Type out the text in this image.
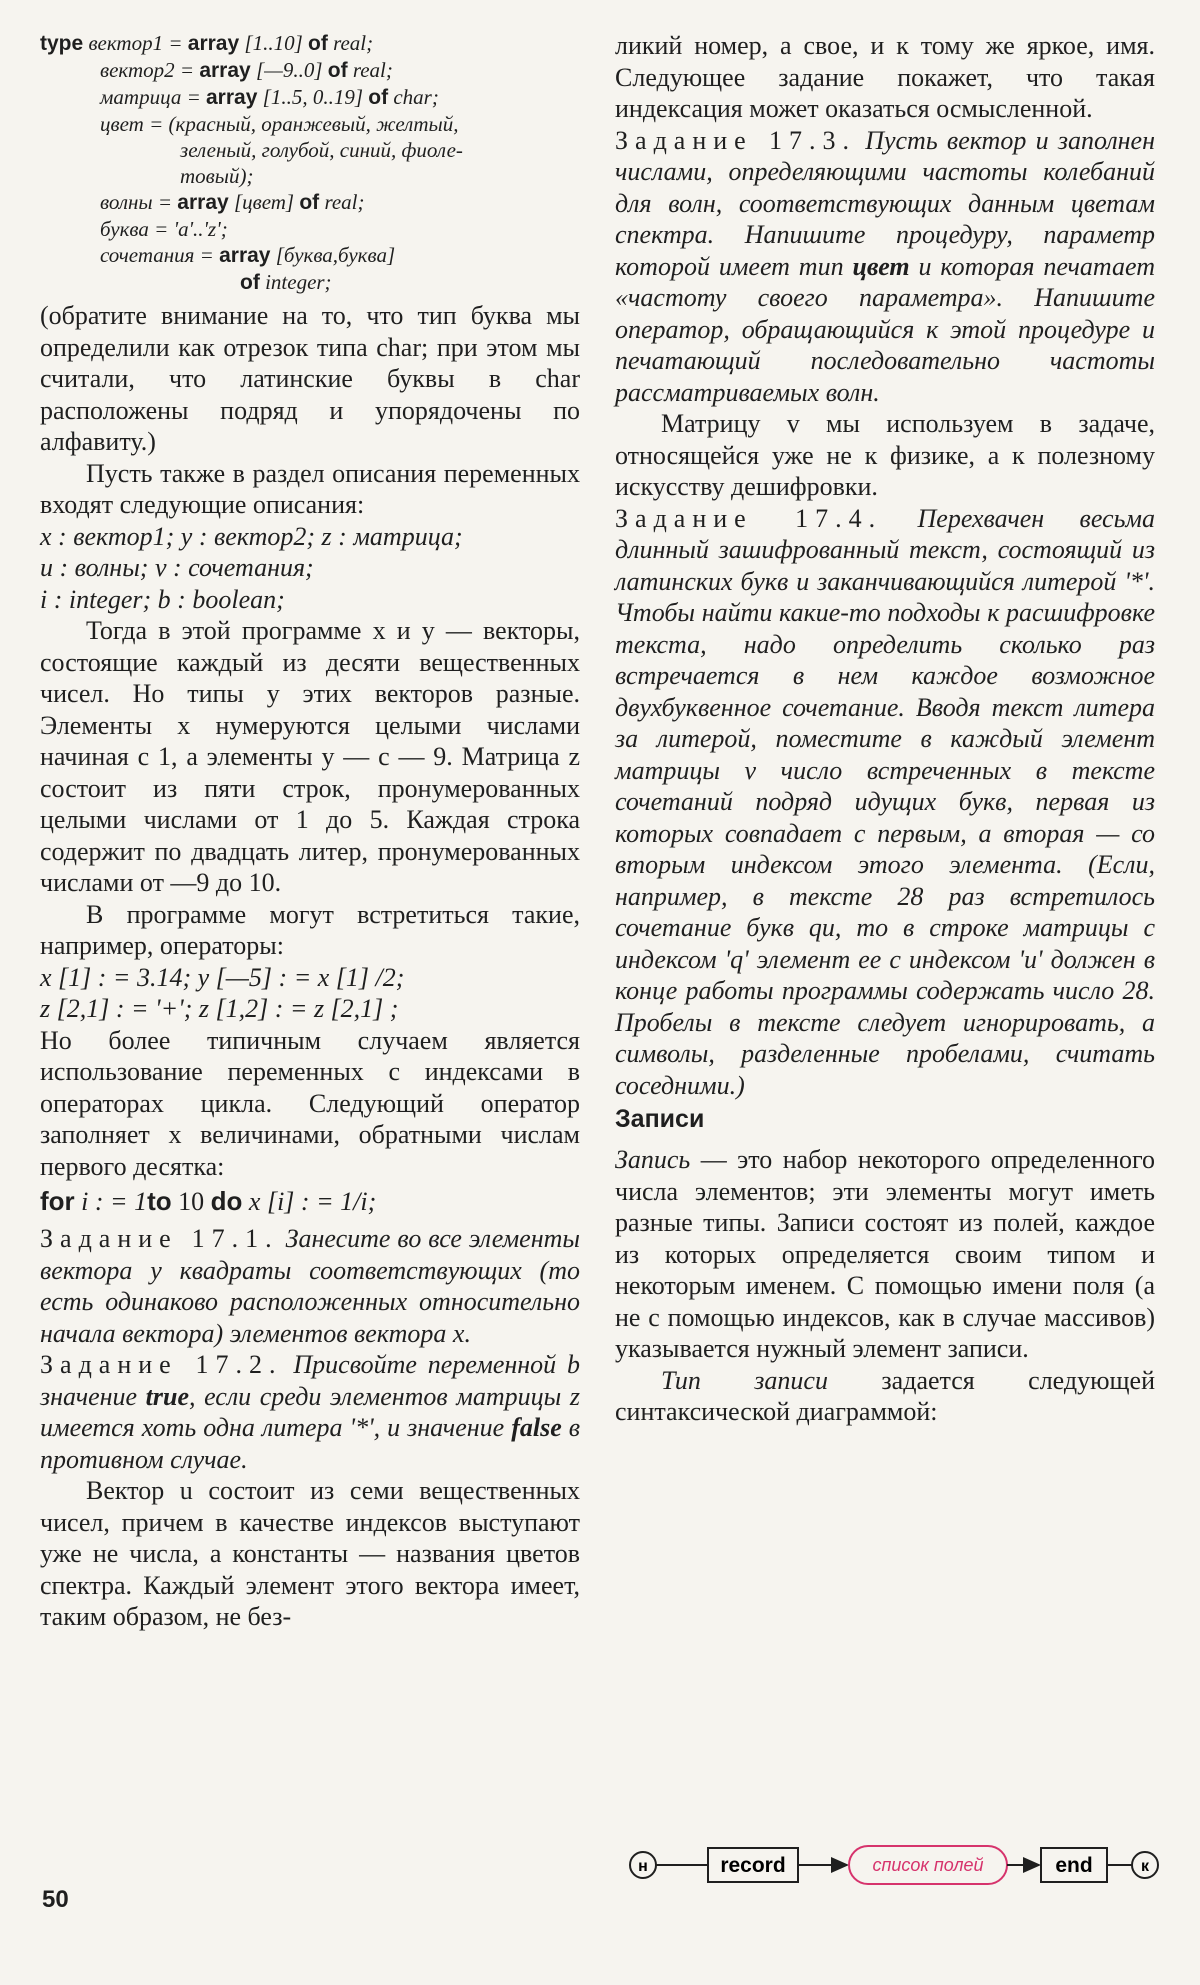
type вектор1 = array [1..10] of real;
вектор2 = array [—9..0] of real;
матрица = array [1..5, 0..19] of char;
цвет = (красный, оранжевый, желтый,
зеленый, голубой, синий, фиоле-
товый);
волны = array [цвет] of real;
буква = 'a'..'z';
сочетания = array [буква,буква]
of integer;

(обратите внимание на то, что тип буква мы определили как отрезок типа char; при этом мы считали, что латинские буквы в char расположены подряд и упорядочены по алфавиту.)

Пусть также в раздел описания переменных входят следующие описания:

x : вектор1; y : вектор2; z : матрица;
u : волны; v : сочетания;
i : integer; b : boolean;

Тогда в этой программе x и y — векторы, состоящие каждый из десяти вещественных чисел. Но типы у этих векторов разные. Элементы x нумеруются целыми числами начиная с 1, а элементы y — с — 9. Матрица z состоит из пяти строк, пронумерованных целыми числами от 1 до 5. Каждая строка содержит по двадцать литер, пронумерованных числами от —9 до 10.

В программе могут встретиться такие, например, операторы:

x [1] : = 3.14; y [—5] : = x [1] /2;
z [2,1] : = '+'; z [1,2] : = z [2,1] ;

Но более типичным случаем является использование переменных с индексами в операторах цикла. Следующий оператор заполняет x величинами, обратными числам первого десятка:

for i : = 1to 10 do x [i] : = 1/i;

Задание 17.1. Занесите во все элементы вектора y квадраты соответствующих (то есть одинаково расположенных относительно начала вектора) элементов вектора x.

Задание 17.2. Присвойте переменной b значение true, если среди элементов матрицы z имеется хоть одна литера '*', и значение false в противном случае.

Вектор u состоит из семи вещественных чисел, причем в качестве индексов выступают уже не числа, а константы — названия цветов спектра. Каждый элемент этого вектора имеет, таким образом, не без-

ликий номер, а свое, и к тому же яркое, имя. Следующее задание покажет, что такая индексация может оказаться осмысленной.

Задание 17.3. Пусть вектор u заполнен числами, определяющими частоты колебаний для волн, соответствующих данным цветам спектра. Напишите процедуру, параметр которой имеет тип цвет и которая печатает «частоту своего параметра». Напишите оператор, обращающийся к этой процедуре и печатающий последовательно частоты рассматриваемых волн.

Матрицу v мы используем в задаче, относящейся уже не к физике, а к полезному искусству дешифровки.

Задание 17.4. Перехвачен весьма длинный зашифрованный текст, состоящий из латинских букв и заканчивающийся литерой '*'. Чтобы найти какие-то подходы к расшифровке текста, надо определить сколько раз встречается в нем каждое возможное двухбуквенное сочетание. Вводя текст литера за литерой, поместите в каждый элемент матрицы v число встреченных в тексте сочетаний подряд идущих букв, первая из которых совпадает с первым, а вторая — со вторым индексом этого элемента. (Если, например, в тексте 28 раз встретилось сочетание букв qu, то в строке матрицы с индексом 'q' элемент ее с индексом 'u' должен в конце работы программы содержать число 28. Пробелы в тексте следует игнорировать, а символы, разделенные пробелами, считать соседними.)

Записи

Запись — это набор некоторого определенного числа элементов; эти элементы могут иметь разные типы. Записи состоят из полей, каждое из которых определяется своим типом и некоторым именем. С помощью имени поля (а не с помощью индексов, как в случае массивов) указывается нужный элемент записи.

Тип записи задается следующей синтаксической диаграммой:

н	record	список полей	end	к
50
